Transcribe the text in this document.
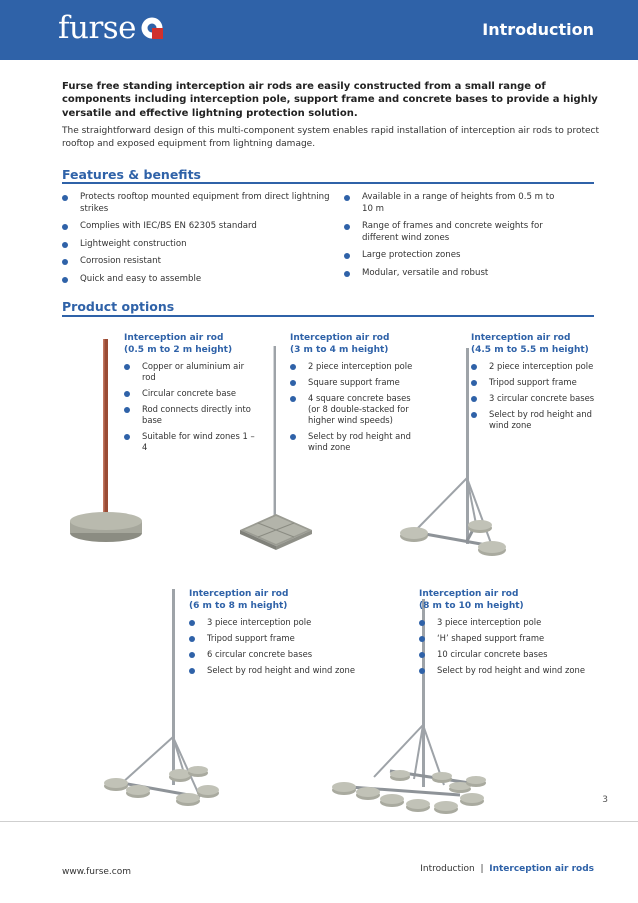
furse	Introduction

Furse free standing interception air rods are easily constructed from a small range of components including interception pole, support frame and concrete bases to provide a highly versatile and effective lightning protection solution.

The straightforward design of this multi-component system enables rapid installation of interception air rods to protect rooftop and exposed equipment from lightning damage.

Features & benefits
Protects rooftop mounted equipment from direct lightning strikes
Complies with IEC/BS EN 62305 standard
Lightweight construction
Corrosion resistant
Quick and easy to assemble
Available in a range of heights from 0.5 m to 10 m
Range of frames and concrete weights for different wind zones
Large protection zones
Modular, versatile and robust
Product options
Interception air rod
(0.5 m to 2 m height)
Copper or aluminium air rod
Circular concrete base
Rod connects directly into base
Suitable for wind zones 1 – 4
Interception air rod
(3 m to 4 m height)
2 piece interception pole
Square support frame
4 square concrete bases (or 8 double-stacked for higher wind speeds)
Select by rod height and wind zone
Interception air rod
(4.5 m to 5.5 m height)
2 piece interception pole
Tripod support frame
3 circular concrete bases
Select by rod height and wind zone
Interception air rod
(6 m to 8 m height)
3 piece interception pole
Tripod support frame
6 circular concrete bases
Select by rod height and wind zone
Interception air rod
(8 m to 10 m height)
3 piece interception pole
‘H’ shaped support frame
10 circular concrete bases
Select by rod height and wind zone
3
www.furse.com	Introduction | Interception air rods
